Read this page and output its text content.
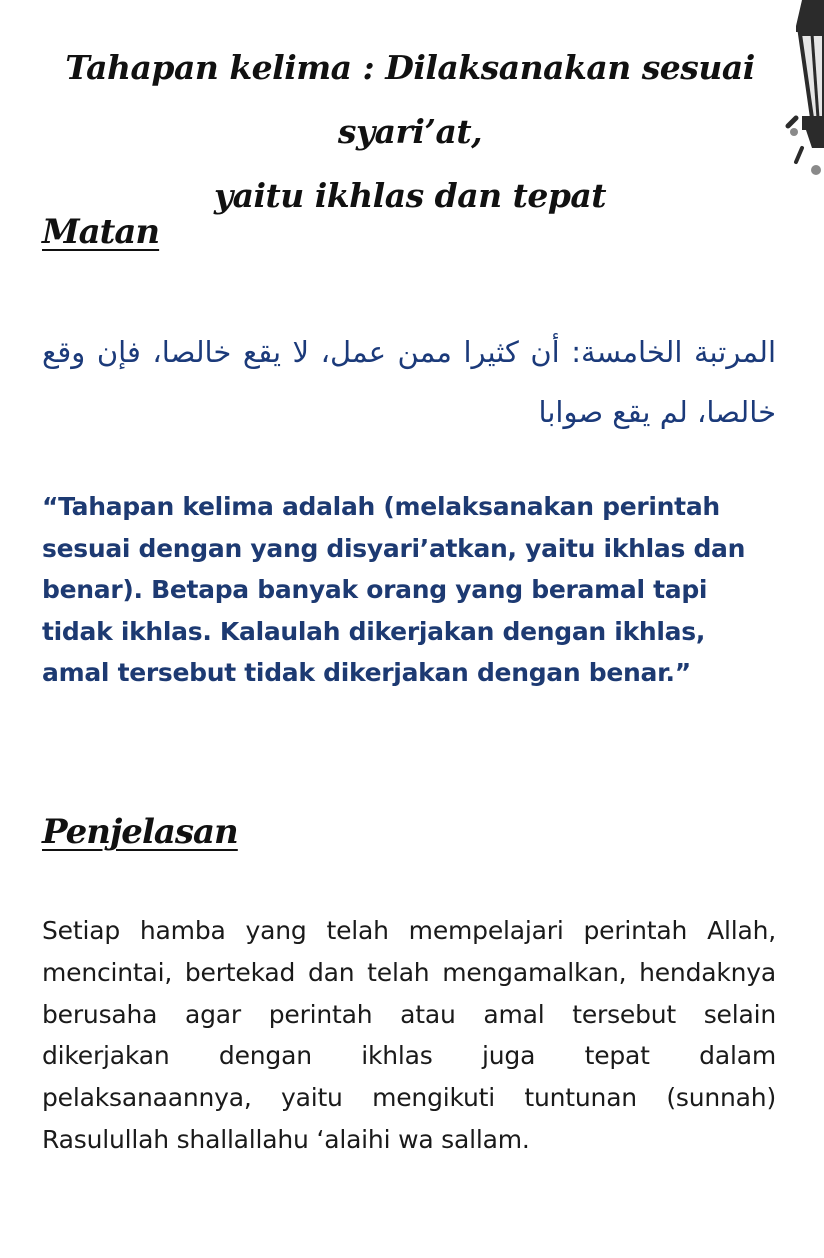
Tahapan kelima : Dilaksanakan sesuai syari’at,
yaitu ikhlas dan tepat
Matan
المرتبة الخامسة: أن كثيرا ممن عمل، لا يقع خالصا، فإن وقع خالصا، لم يقع صوابا
“Tahapan kelima adalah (melaksanakan perintah sesuai dengan yang disyari’atkan, yaitu ikhlas dan benar). Betapa banyak orang yang beramal tapi tidak ikhlas. Kalaulah dikerjakan dengan ikhlas, amal tersebut tidak dikerjakan dengan benar.”
Penjelasan
Setiap hamba yang telah mempelajari perintah Allah, mencintai, bertekad dan telah mengamalkan, hendaknya berusaha agar perintah atau amal tersebut selain dikerjakan dengan ikhlas juga tepat dalam pelaksanaannya, yaitu mengikuti tuntunan (sunnah) Rasulullah shallallahu ‘alaihi wa sallam.
